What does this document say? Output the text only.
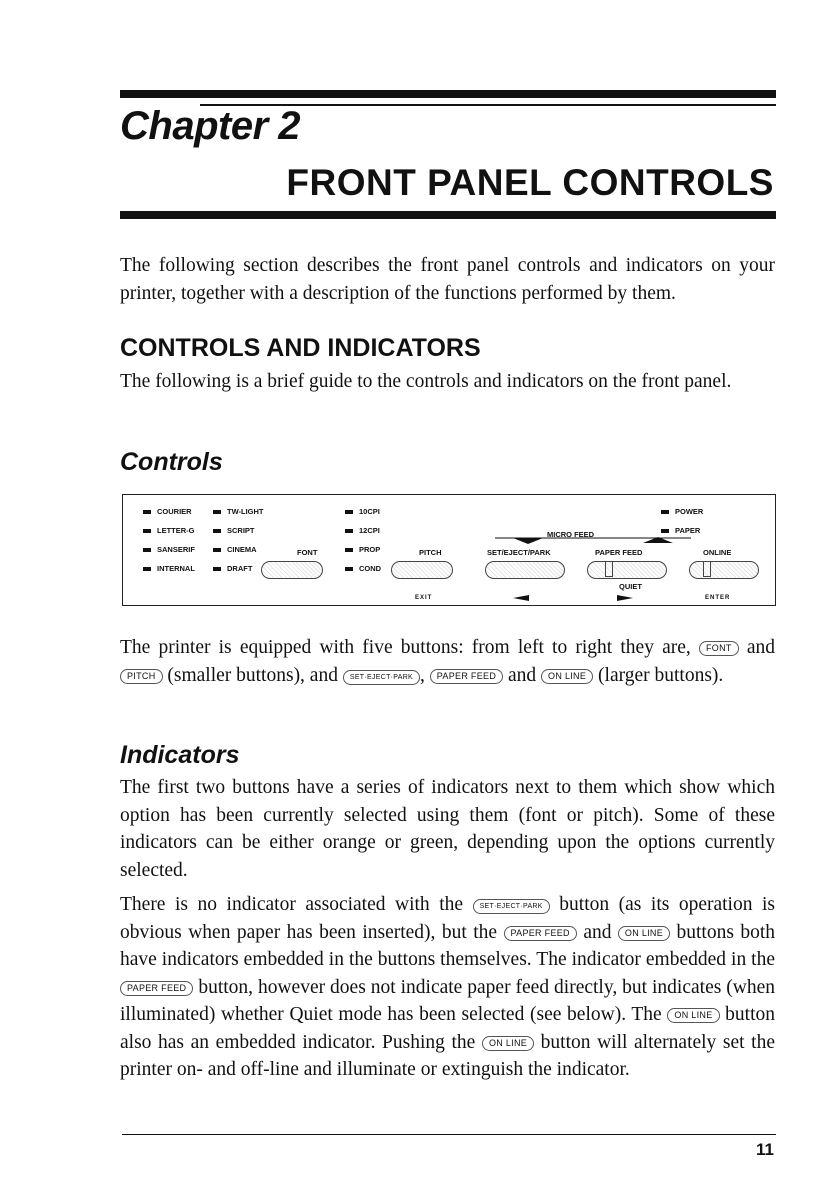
Chapter 2
FRONT PANEL CONTROLS
The following section describes the front panel controls and indicators on your printer, together with a description of the functions performed by them.
CONTROLS AND INDICATORS
The following is a brief guide to the controls and indicators on the front panel.
Controls
COURIER
LETTER-G
SANSERIF
INTERNAL
TW-LIGHT
SCRIPT
CINEMA
DRAFT
FONT
10CPI
12CPI
PROP
COND
PITCH
MICRO FEED
SET/EJECT/PARK	PAPER FEED
QUIET
POWER
PAPER
ONLINE
EXIT	ENTER
The printer is equipped with five buttons: from left to right they are, FONT and PITCH (smaller buttons), and SET·EJECT·PARK , PAPER FEED and ON LINE (larger buttons).
Indicators
The first two buttons have a series of indicators next to them which show which option has been currently selected using them (font or pitch). Some of these indicators can be either orange or green, depending upon the options currently selected.
There is no indicator associated with the SET·EJECT·PARK button (as its operation is obvious when paper has been inserted), but the PAPER FEED and ON LINE buttons both have indicators embedded in the buttons themselves. The indicator embedded in the PAPER FEED button, however does not indicate paper feed directly, but indicates (when illuminated) whether Quiet mode has been selected (see below). The ON LINE button also has an embedded indicator. Pushing the ON LINE button will alternately set the printer on- and off-line and illuminate or extinguish the indicator.
11
